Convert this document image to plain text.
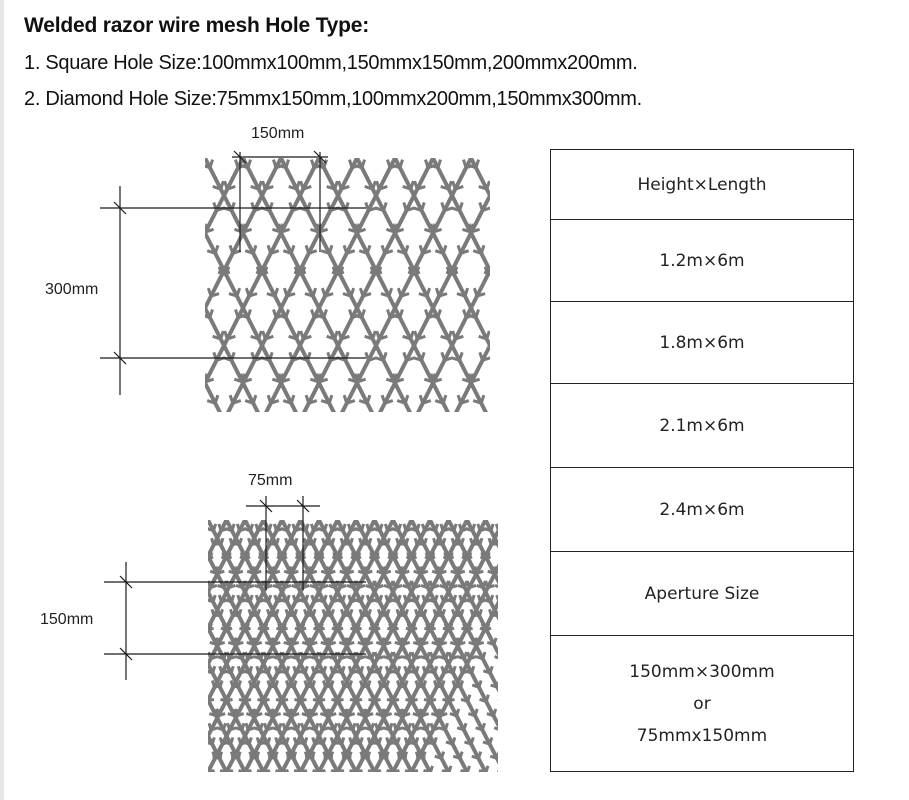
Welded razor wire mesh Hole Type:
1. Square Hole Size:100mmx100mm,150mmx150mm,200mmx200mm.
2. Diamond Hole Size:75mmx150mm,100mmx200mm,150mmx300mm.
150mm
300mm
75mm
150mm
Height×Length
1.2m×6m
1.8m×6m
2.1m×6m
2.4m×6m
Aperture Size
150mm×300mm
or
75mmx150mm
